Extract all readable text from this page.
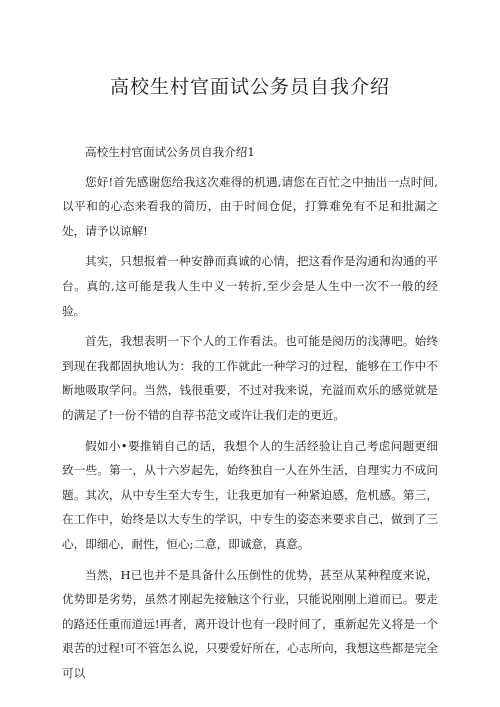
高校生村官面试公务员自我介绍

高校生村官面试公务员自我介绍1

您好!首先感谢您给我这次难得的机遇,请您在百忙之中抽出一点时间,以平和的心态来看我的简历，由于时间仓促，打算难免有不足和批漏之处，请予以谅解!

其实，只想报着一种安静而真诚的心情，把这看作是沟通和沟通的平台。真的,这可能是我人生中义一转折,至少会是人生中一次不一般的经验。

首先，我想表明一下个人的工作看法。也可能是阅历的浅薄吧。始终到现在我都固执地认为：我的工作就此一种学习的过程，能够在工作中不断地吸取学问。当然，钱很重要，不过对我来说，充溢而欢乐的感觉就是的满足了!一份不错的自荐书范文或许让我们走的更近。

假如小•要推销自己的话，我想个人的生活经验让自己考虑问题更细致一些。第一，从十六岁起先，始终独自一人在外生活，自理实力不成问题。其次，从中专生至大专生，让我更加有一种紧迫感，危机感。第三，在工作中，始终是以大专生的学识，中专生的姿态来要求自己，做到了三心，即细心，耐性，恒心;二意，即诚意，真意。

当然，H已也并不是具备什么压倒性的优势，甚至从某种程度来说，优势即是劣势，虽然才刚起先接触这个行业，只能说刚刚上道而已。要走的路还任重而道远!再者，离开设计也有一段时间了，重新起先义将是一个艰苦的过程!可不管怎么说，只要爱好所在，心志所向，我想这些都是完全可以
